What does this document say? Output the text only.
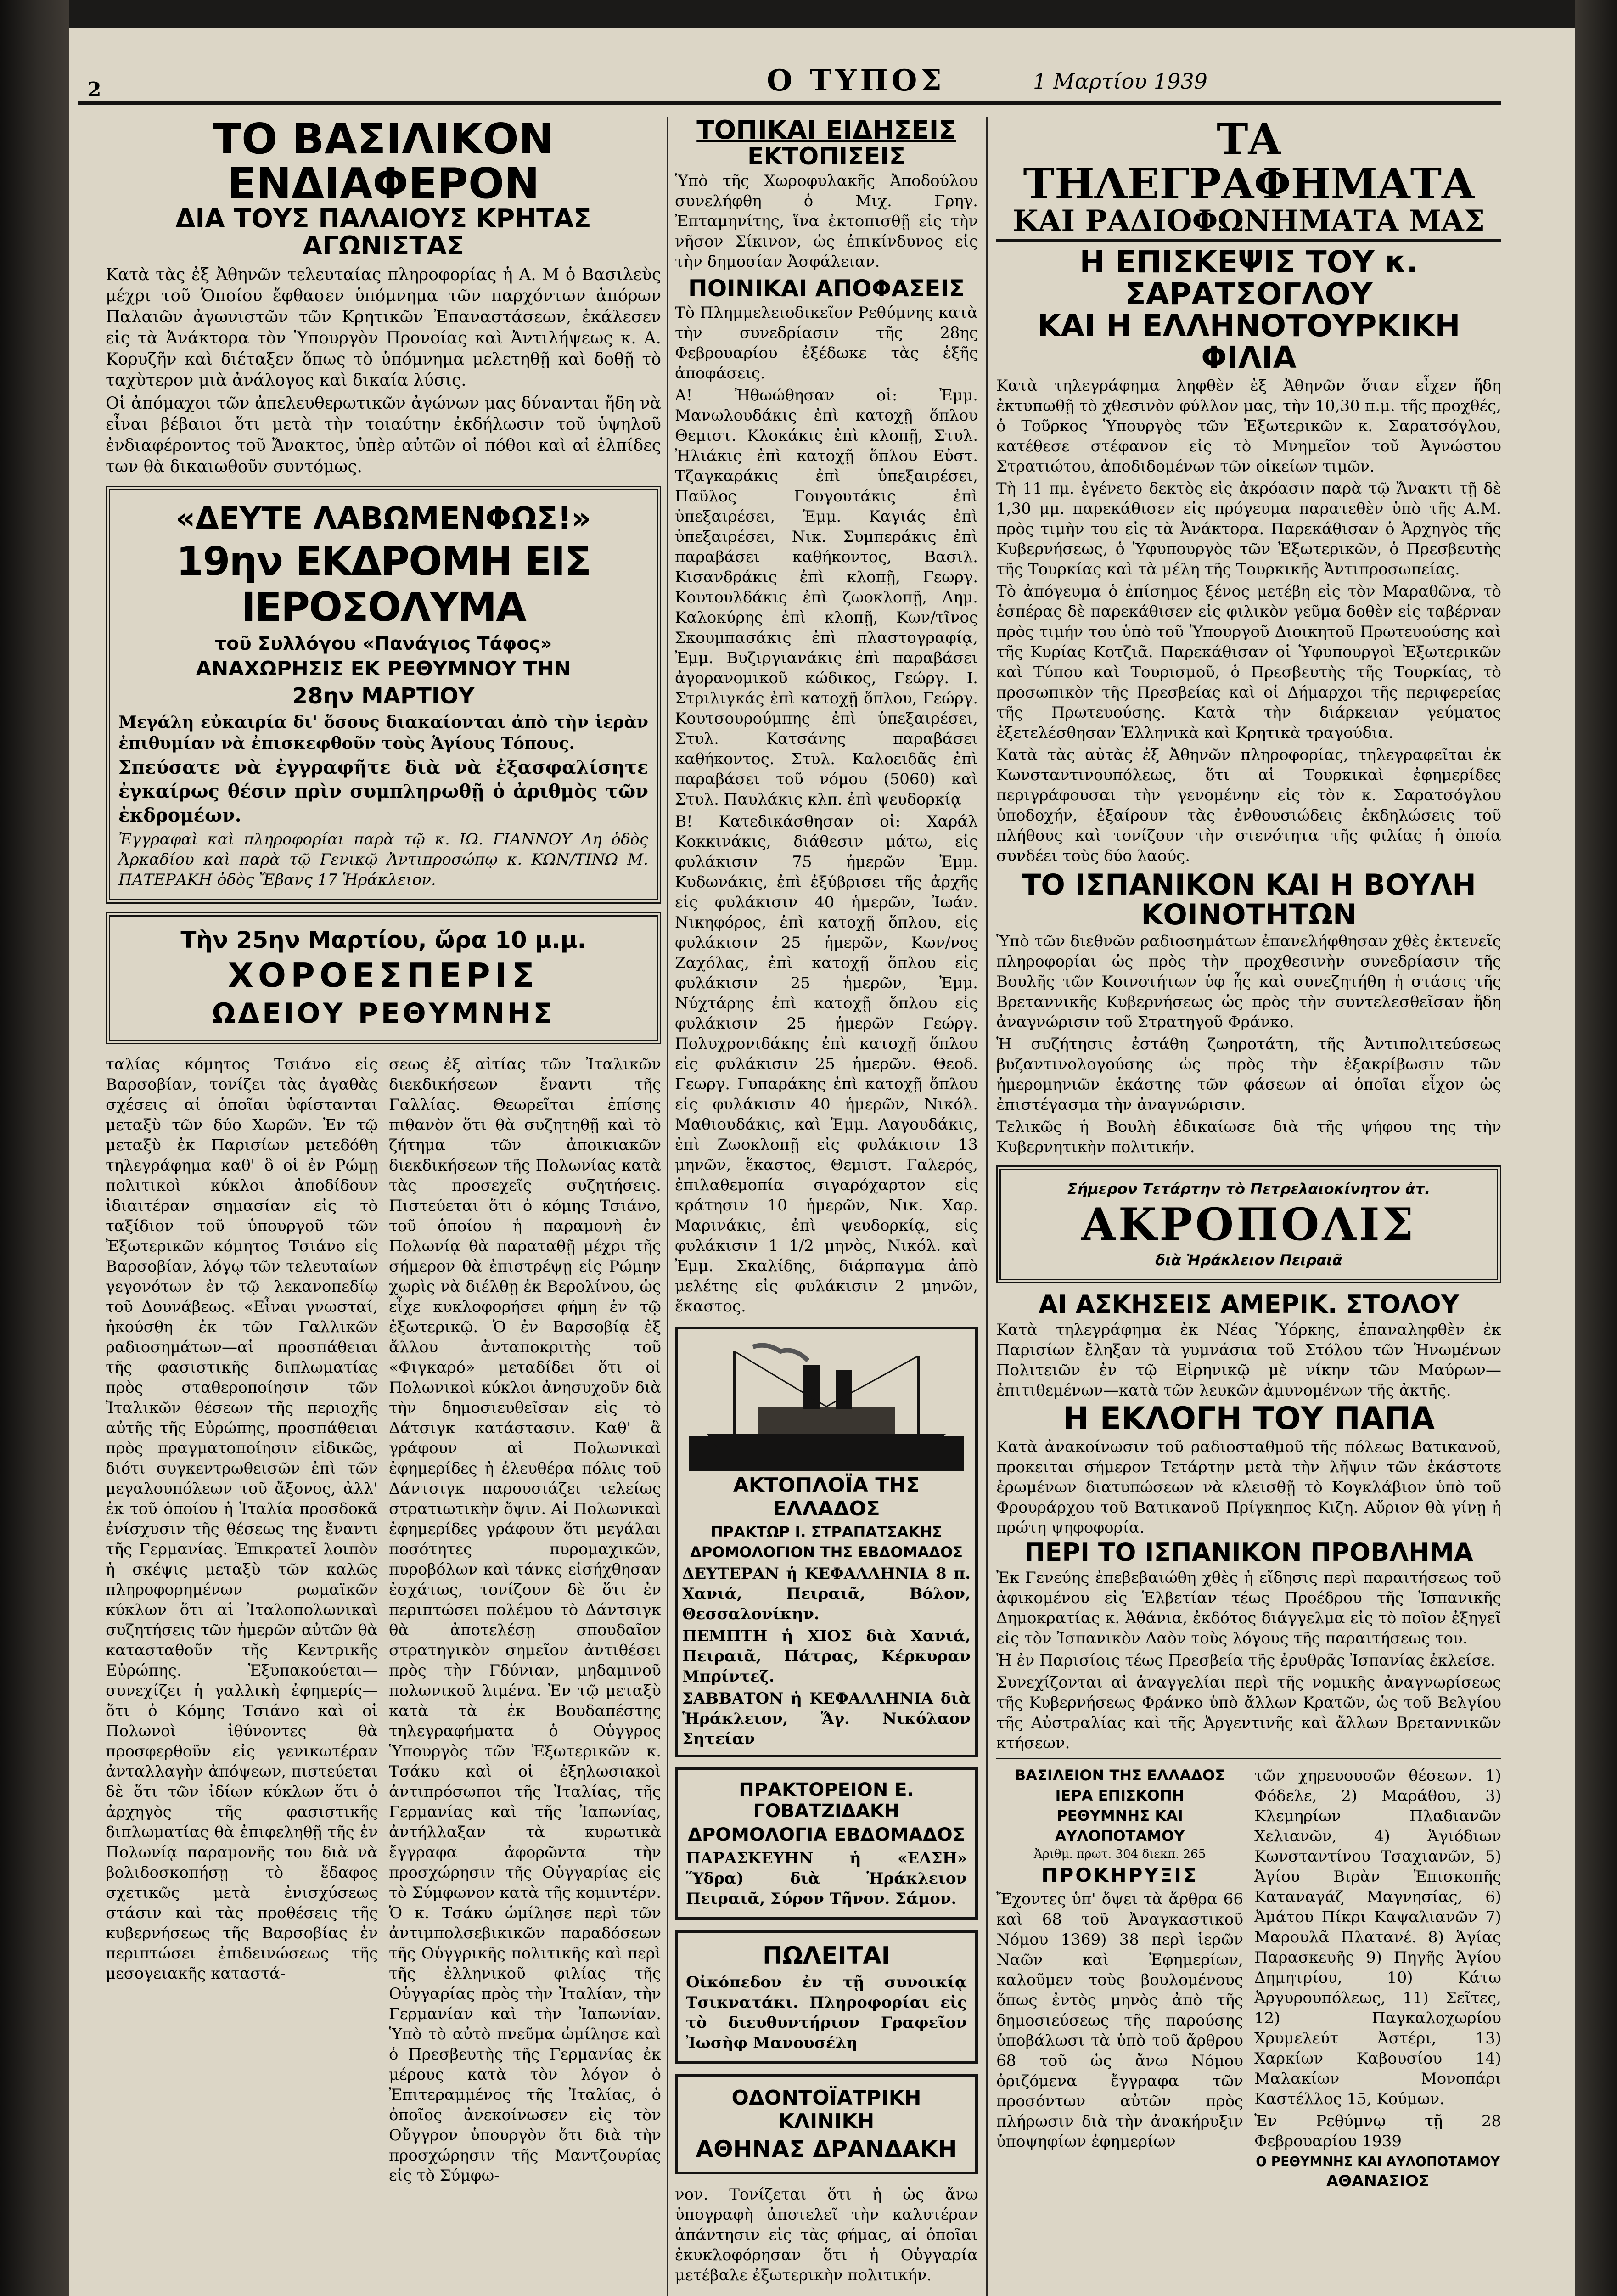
2	Ο ΤΥΠΟΣ	1 Μαρτίου 1939
ΤΟ ΒΑΣΙΛΙΚΟΝ ΕΝΔΙΑΦΕΡΟΝ
ΔΙΑ ΤΟΥΣ ΠΑΛΑΙΟΥΣ ΚΡΗΤΑΣ ΑΓΩΝΙΣΤΑΣ

Κατὰ τὰς ἐξ Ἀθηνῶν τελευταίας πληροφορίας ἡ Α. Μ ὁ Βασιλεὺς μέχρι τοῦ Ὁποίου ἔφθασεν ὑπόμνημα τῶν παρχόντων ἀπόρων Παλαιῶν ἀγωνιστῶν τῶν Κρητικῶν Ἐπαναστάσεων, ἐκάλεσεν εἰς τὰ Ἀνάκτορα τὸν Ὑπουργὸν Προνοίας καὶ Ἀντιλήψεως κ. Α. Κορυζῆν καὶ διέταξεν ὅπως τὸ ὑπόμνημα μελετηθῇ καὶ δοθῇ τὸ ταχὺτερον μιὰ ἀνάλογος καὶ δικαία λύσις.

Οἱ ἀπόμαχοι τῶν ἀπελευθερωτικῶν ἀγώνων μας δύνανται ἤδη νὰ εἶναι βέβαιοι ὅτι μετὰ τὴν τοιαύτην ἐκδήλωσιν τοῦ ὑψηλοῦ ἐνδιαφέροντος τοῦ Ἄνακτος, ὑπὲρ αὐτῶν οἱ πόθοι καὶ αἱ ἐλπίδες των θὰ δικαιωθοῦν συντόμως.

«ΔΕΥΤΕ ΛΑΒΩΜΕΝΦΩΣ!»
19ην ΕΚΔΡΟΜΗ ΕΙΣ ΙΕΡΟΣΟΛΥΜΑ
τοῦ Συλλόγου «Πανάγιος Τάφος»
ΑΝΑΧΩΡΗΣΙΣ ΕΚ ΡΕΘΥΜΝΟΥ ΤΗΝ
28ην ΜΑΡΤΙΟΥ

Μεγάλη εὐκαιρία δι' ὅσους διακαίονται ἀπὸ τὴν ἱερὰν ἐπιθυμίαν νὰ ἐπισκεφθοῦν τοὺς Ἁγίους Τόπους.

Σπεύσατε νὰ ἐγγραφῆτε διὰ νὰ ἐξασφαλίσητε ἐγκαίρως θέσιν πρὶν συμπληρωθῇ ὁ ἀριθμὸς τῶν ἐκδρομέων.

Ἐγγραφαὶ καὶ πληροφορίαι παρὰ τῷ κ. ΙΩ. ΓΙΑΝΝΟΥ Λη ὁδὸς Ἀρκαδίου καὶ παρὰ τῷ Γενικῷ Ἀντιπροσώπῳ κ. ΚΩΝ/ΤΙΝΩ Μ. ΠΑΤΕΡΑΚΗ ὁδὸς Ἔβανς 17 Ἡράκλειον.

Τὴν 25ην Μαρτίου, ὥρα 10 μ.μ.
ΧΟΡΟΕΣΠΕΡΙΣ
ΩΔΕΙΟΥ ΡΕΘΥΜΝΗΣ

ταλίας κόμητος Τσιάνο εἰς Βαρσοβίαν, τονίζει τὰς ἀγαθὰς σχέσεις αἱ ὁποῖαι ὑφίστανται μεταξὺ τῶν δύο Χωρῶν. Ἐν τῷ μεταξὺ ἐκ Παρισίων μετεδόθη τηλεγράφημα καθ' ὃ οἱ ἐν Ρώμῃ πολιτικοὶ κύκλοι ἀποδίδουν ἰδιαιτέραν σημασίαν εἰς τὸ ταξίδιον τοῦ ὑπουργοῦ τῶν Ἐξωτερικῶν κόμητος Τσιάνο εἰς Βαρσοβίαν, λόγῳ τῶν τελευταίων γεγονότων ἐν τῷ λεκανοπεδίῳ τοῦ Δουνάβεως. «Εἶναι γνωσταί, ἠκούσθη ἐκ τῶν Γαλλικῶν ραδιοσημάτων—αἱ προσπάθειαι τῆς φασιστικῆς διπλωματίας πρὸς σταθεροποίησιν τῶν Ἰταλικῶν θέσεων τῆς περιοχῆς αὐτῆς τῆς Εὐρώπης, προσπάθειαι πρὸς πραγματοποίησιν εἰδικῶς, διότι συγκεντρωθεισῶν ἐπὶ τῶν μεγαλουπόλεων τοῦ ἄξονος, ἀλλ' ἐκ τοῦ ὁποίου ἡ Ἰταλία προσδοκᾶ ἐνίσχυσιν τῆς θέσεως της ἔναντι τῆς Γερμανίας. Ἐπικρατεῖ λοιπὸν ἡ σκέψις μεταξὺ τῶν καλῶς πληροφορημένων ρωμαϊκῶν κύκλων ὅτι αἱ Ἰταλοπολωνικαὶ συζητήσεις τῶν ἡμερῶν αὐτῶν θὰ κατασταθοῦν τῆς Κεντρικῆς Εὐρώπης. Ἐξυπακούεται—συνεχίζει ἡ γαλλικὴ ἐφημερίς—ὅτι ὁ Κόμης Τσιάνο καὶ οἱ Πολωνοὶ ἰθύνοντες θὰ προσφερθοῦν εἰς γενικωτέραν ἀνταλλαγὴν ἀπόψεων, πιστεύεται δὲ ὅτι τῶν ἰδίων κύκλων ὅτι ὁ ἀρχηγὸς τῆς φασιστικῆς διπλωματίας θὰ ἐπιφεληθῇ τῆς ἐν Πολωνίᾳ παραμονῆς του διὰ νὰ βολιδοσκοπήσῃ τὸ ἔδαφος σχετικῶς μετὰ ἐνισχύσεως στάσιν καὶ τὰς προθέσεις τῆς κυβερνήσεως τῆς Βαρσοβίας ἐν περιπτώσει ἐπιδεινώσεως τῆς μεσογειακῆς καταστά-

σεως ἐξ αἰτίας τῶν Ἰταλικῶν διεκδικήσεων ἔναντι τῆς Γαλλίας. Θεωρεῖται ἐπίσης πιθανὸν ὅτι θὰ συζητηθῇ καὶ τὸ ζήτημα τῶν ἀποικιακῶν διεκδικήσεων τῆς Πολωνίας κατὰ τὰς προσεχεῖς συζητήσεις. Πιστεύεται ὅτι ὁ κόμης Τσιάνο, τοῦ ὁποίου ἡ παραμονὴ ἐν Πολωνίᾳ θὰ παραταθῇ μέχρι τῆς σήμερον θὰ ἐπιστρέψῃ εἰς Ρώμην χωρὶς νὰ διέλθῃ ἐκ Βερολίνου, ὡς εἶχε κυκλοφορήσει φήμη ἐν τῷ ἐξωτερικῷ. Ὁ ἐν Βαρσοβίᾳ ἐξ ἄλλου ἀνταποκριτὴς τοῦ «Φιγκαρό» μεταδίδει ὅτι οἱ Πολωνικοὶ κύκλοι ἀνησυχοῦν διὰ τὴν δημοσιευθεῖσαν εἰς τὸ Δάτσιγκ κατάστασιν. Καθ' ἃ γράφουν αἱ Πολωνικαὶ ἐφημερίδες ἡ ἐλευθέρα πόλις τοῦ Δάντσιγκ παρουσιάζει τελείως στρατιωτικὴν ὄψιν. Αἱ Πολωνικαὶ ἐφημερίδες γράφουν ὅτι μεγάλαι ποσότητες πυρομαχικῶν, πυροβόλων καὶ τάνκς εἰσήχθησαν ἐσχάτως, τονίζουν δὲ ὅτι ἐν περιπτώσει πολέμου τὸ Δάντσιγκ θὰ ἀποτελέσῃ σπουδαῖον στρατηγικὸν σημεῖον ἀντιθέσει πρὸς τὴν Γδύνιαν, μηδαμινοῦ πολωνικοῦ λιμένα. Ἐν τῷ μεταξὺ κατὰ τὰ ἐκ Βουδαπέστης τηλεγραφήματα ὁ Οὑγγρος Ὑπουργὸς τῶν Ἐξωτερικῶν κ. Τσάκυ καὶ οἱ ἐξηλωσιακοὶ ἀντιπρόσωποι τῆς Ἰταλίας, τῆς Γερμανίας καὶ τῆς Ἰαπωνίας, ἀντήλλαξαν τὰ κυρωτικὰ ἔγγραφα ἀφορῶντα τὴν προσχώρησιν τῆς Οὑγγαρίας εἰς τὸ Σύμφωνον κατὰ τῆς κομιντέρν. Ὁ κ. Τσάκυ ὡμίλησε περὶ τῶν ἀντιμπολσεβικικῶν παραδόσεων τῆς Οὑγγρικῆς πολιτικῆς καὶ περὶ τῆς ἐλληνικοῦ φιλίας τῆς Οὑγγαρίας πρὸς τὴν Ἰταλίαν, τὴν Γερμανίαν καὶ τὴν Ἰαπωνίαν. Ὑπὸ τὸ αὐτὸ πνεῦμα ὡμίλησε καὶ ὁ Πρεσβευτὴς τῆς Γερμανίας ἐκ μέρους κατὰ τὸν λόγον ὁ Ἐπιτεραμμένος τῆς Ἰταλίας, ὁ ὁποῖος ἀνεκοίνωσεν εἰς τὸν Οὔγγρον ὑπουργὸν ὅτι διὰ τὴν προσχώρησιν τῆς Μαντζουρίας εἰς τὸ Σύμφω-

ΤΟΠΙΚΑΙ ΕΙΔΗΣΕΙΣ
ΕΚΤΟΠΙΣΕΙΣ

Ὑπὸ τῆς Χωροφυλακῆς Ἀποδούλου συνελήφθη ὁ Μιχ. Γρηγ. Ἐπταμηνίτης, ἵνα ἐκτοπισθῇ εἰς τὴν νῆσον Σίκινον, ὡς ἐπικίνδυνος εἰς τὴν δημοσίαν Ἀσφάλειαν.

ΠΟΙΝΙΚΑΙ ΑΠΟΦΑΣΕΙΣ

Τὸ Πλημμελειοδικεῖον Ρεθύμνης κατὰ τὴν συνεδρίασιν τῆς 28ης Φεβρουαρίου ἐξέδωκε τὰς ἑξῆς ἀποφάσεις.

Α! Ἠθωώθησαν οἱ: Ἐμμ. Μανωλουδάκις ἐπὶ κατοχῇ ὅπλου Θεμιστ. Κλοκάκις ἐπὶ κλοπῇ, Στυλ. Ἠλιάκις ἐπὶ κατοχῇ ὅπλου Εὐστ. Τζαγκαράκις ἐπὶ ὑπεξαιρέσει, Παῦλος Γουγουτάκις ἐπὶ ὑπεξαιρέσει, Ἐμμ. Καγιάς ἐπὶ ὑπεξαιρέσει, Νικ. Συμπεράκις ἐπὶ παραβάσει καθήκοντος, Βασιλ. Κισανδράκις ἐπὶ κλοπῇ, Γεωργ. Κουτουλδάκις ἐπὶ ζωοκλοπῇ, Δημ. Καλοκύρης ἐπὶ κλοπῇ, Κων/τῖνος Σκουμπασάκις ἐπὶ πλαστογραφίᾳ, Ἐμμ. Βυζιργιανάκις ἐπὶ παραβάσει ἀγορανομικοῦ κώδικος, Γεώργ. Ι. Στριλιγκάς ἐπὶ κατοχῇ ὅπλου, Γεώργ. Κουτσουρούμπης ἐπὶ ὑπεξαιρέσει, Στυλ. Κατσάνης παραβάσει καθήκοντος. Στυλ. Καλοειδᾶς ἐπὶ παραβάσει τοῦ νόμου (5060) καὶ Στυλ. Παυλάκις κλπ. ἐπὶ ψευδορκίᾳ

Β! Κατεδικάσθησαν οἱ: Χαράλ Κοκκινάκις, διάθεσιν μάτω, εἰς φυλάκισιν 75 ἡμερῶν Ἐμμ. Κυδωνάκις, ἐπὶ ἐξύβρισει τῆς ἀρχῆς εἰς φυλάκισιν 40 ἡμερῶν, Ἰωάν. Νικηφόρος, ἐπὶ κατοχῇ ὅπλου, εἰς φυλάκισιν 25 ἡμερῶν, Κων/νος Ζαχόλας, ἐπὶ κατοχῇ ὅπλου εἰς φυλάκισιν 25 ἡμερῶν, Ἐμμ. Νύχτάρης ἐπὶ κατοχῇ ὅπλου εἰς φυλάκισιν 25 ἡμερῶν Γεώργ. Πολυχρονιδάκης ἐπὶ κατοχῇ ὅπλου εἰς φυλάκισιν 25 ἡμερῶν. Θεοδ. Γεωργ. Γυπαράκης ἐπὶ κατοχῇ ὅπλου εἰς φυλάκισιν 40 ἡμερῶν, Νικόλ. Μαθιουδάκις, καὶ Ἐμμ. Λαγουδάκις, ἐπὶ Ζωοκλοπῇ εἰς φυλάκισιν 13 μηνῶν, ἕκαστος, Θεμιστ. Γαλερός, ἐπιλαθεμοπία σιγαρόχαρτον εἰς κράτησιν 10 ἡμερῶν, Νικ. Χαρ. Μαρινάκις, ἐπὶ ψευδορκίᾳ, εἰς φυλάκισιν 1 1/2 μηνὸς, Νικόλ. καὶ Ἐμμ. Σκαλίδης, διάρπαγμα ἀπὸ μελέτης εἰς φυλάκισιν 2 μηνῶν, ἕκαστος.

ΑΚΤΟΠΛΟΪΑ ΤΗΣ ΕΛΛΑΔΟΣ
ΠΡΑΚΤΩΡ Ι. ΣΤΡΑΠΑΤΣΑΚΗΣ
ΔΡΟΜΟΛΟΓΙΟΝ ΤΗΣ ΕΒΔΟΜΑΔΟΣ

ΔΕΥΤΕΡΑΝ ἡ ΚΕΦΑΛΛΗΝΙΑ 8 π. Χανιά, Πειραιᾶ, Βόλον, Θεσσαλονίκην.

ΠΕΜΠΤΗ ἡ ΧΙΟΣ διὰ Χανιά, Πειραιᾶ, Πάτρας, Κέρκυραν Μπρίντεζ.

ΣΑΒΒΑΤΟΝ ἡ ΚΕΦΑΛΛΗΝΙΑ διὰ Ἡράκλειον, Ἅγ. Νικόλαον Σητείαν

ΠΡΑΚΤΟΡΕΙΟΝ Ε. ΓΟΒΑΤΖΙΔΑΚΗ
ΔΡΟΜΟΛΟΓΙΑ ΕΒΔΟΜΑΔΟΣ

ΠΑΡΑΣΚΕΥΗΝ ἡ «ΕΛΣΗ» Ὕδρα) διὰ Ἡράκλειον Πειραιᾶ, Σύρον Τῆνον. Σάμον.

ΠΩΛΕΙΤΑΙ

Οἰκόπεδον ἐν τῇ συνοικίᾳ Τσικνατάκι. Πληροφορίαι εἰς τὸ διευθυντήριον Γραφεῖον Ἰωσὴφ Μανουσέλη

ΟΔΟΝΤΟΪΑΤΡΙΚΗ ΚΛΙΝΙΚΗ
ΑΘΗΝΑΣ ΔΡΑΝΔΑΚΗ

νον. Τονίζεται ὅτι ἡ ὡς ἄνω ὑπογραφὴ ἀποτελεῖ τὴν καλυτέραν ἀπάντησιν εἰς τὰς φήμας, αἱ ὁποῖαι ἐκυκλοφόρησαν ὅτι ἡ Οὑγγαρία μετέβαλε ἐξωτερικὴν πολιτικήν.

ΤΑ ΤΗΛΕΓΡΑΦΗΜΑΤΑ
ΚΑΙ ΡΑΔΙΟΦΩΝΗΜΑΤΑ ΜΑΣ
Η ΕΠΙΣΚΕΨΙΣ ΤΟΥ κ. ΣΑΡΑΤΣΟΓΛΟΥ
ΚΑΙ Η ΕΛΛΗΝΟΤΟΥΡΚΙΚΗ ΦΙΛΙΑ

Κατὰ τηλεγράφημα ληφθὲν ἐξ Ἀθηνῶν ὅταν εἶχεν ἤδη ἐκτυπωθῇ τὸ χθεσινὸν φύλλον μας, τὴν 10,30 π.μ. τῆς προχθές, ὁ Τοῦρκος Ὑπουργὸς τῶν Ἐξωτερικῶν κ. Σαρατσόγλου, κατέθεσε στέφανον εἰς τὸ Μνημεῖον τοῦ Ἀγνώστου Στρατιώτου, ἀποδιδομένων τῶν οἰκείων τιμῶν.

Τὴ 11 πμ. ἐγένετο δεκτὸς εἰς ἀκρόασιν παρὰ τῷ Ἄνακτι τῇ δὲ 1,30 μμ. παρεκάθισεν εἰς πρόγευμα παρατεθὲν ὑπὸ τῆς Α.Μ. πρὸς τιμὴν του εἰς τὰ Ἀνάκτορα. Παρεκάθισαν ὁ Ἀρχηγὸς τῆς Κυβερνήσεως, ὁ Ὑφυπουργὸς τῶν Ἐξωτερικῶν, ὁ Πρεσβευτὴς τῆς Τουρκίας καὶ τὰ μέλη τῆς Τουρκικῆς Ἀντιπροσωπείας.

Τὸ ἀπόγευμα ὁ ἐπίσημος ξένος μετέβη εἰς τὸν Μαραθῶνα, τὸ ἑσπέρας δὲ παρεκάθισεν εἰς φιλικὸν γεῦμα δοθὲν εἰς ταβέρναν πρὸς τιμήν του ὑπὸ τοῦ Ὑπουργοῦ Διοικητοῦ Πρωτευούσης καὶ τῆς Κυρίας Κοτζιᾶ. Παρεκάθισαν οἱ Ὑφυπουργοὶ Ἐξωτερικῶν καὶ Τύπου καὶ Τουρισμοῦ, ὁ Πρεσβευτὴς τῆς Τουρκίας, τὸ προσωπικὸν τῆς Πρεσβείας καὶ οἱ Δήμαρχοι τῆς περιφερείας τῆς Πρωτευούσης. Κατὰ τὴν διάρκειαν γεύματος ἐξετελέσθησαν Ἑλληνικὰ καὶ Κρητικὰ τραγούδια.

Κατὰ τὰς αὐτὰς ἐξ Ἀθηνῶν πληροφορίας, τηλεγραφεῖται ἐκ Κωνσταντινουπόλεως, ὅτι αἱ Τουρκικαὶ ἐφημερίδες περιγράφουσαι τὴν γενομένην εἰς τὸν κ. Σαρατσόγλου ὑποδοχήν, ἐξαίρουν τὰς ἐνθουσιώδεις ἐκδηλώσεις τοῦ πλήθους καὶ τονίζουν τὴν στενότητα τῆς φιλίας ἡ ὁποία συνδέει τοὺς δύο λαούς.

ΤΟ ΙΣΠΑΝΙΚΟΝ ΚΑΙ Η ΒΟΥΛΗ ΚΟΙΝΟΤΗΤΩΝ

Ὑπὸ τῶν διεθνῶν ραδιοσημάτων ἐπανελήφθησαν χθὲς ἐκτενεῖς πληροφορίαι ὡς πρὸς τὴν προχθεσινὴν συνεδρίασιν τῆς Βουλῆς τῶν Κοινοτήτων ὑφ ἧς καὶ συνεζητήθη ἡ στάσις τῆς Βρεταννικῆς Κυβερνήσεως ὡς πρὸς τὴν συντελεσθεῖσαν ἤδη ἀναγνώρισιν τοῦ Στρατηγοῦ Φράνκο.

Ἡ συζήτησις ἐστάθη ζωηροτάτη, τῆς Ἀντιπολιτεύσεως βυζαντινολογούσης ὡς πρὸς τὴν ἐξακρίβωσιν τῶν ἡμερομηνιῶν ἑκάστης τῶν φάσεων αἱ ὁποῖαι εἶχον ὡς ἐπιστέγασμα τὴν ἀναγνώρισιν.

Τελικῶς ἡ Βουλὴ ἐδικαίωσε διὰ τῆς ψήφου της τὴν Κυβερνητικὴν πολιτικήν.

Σήμερον Τετάρτην τὸ Πετρελαιοκίνητον ἀτ.
ΑΚΡΟΠΟΛΙΣ
διὰ Ἡράκλειον Πειραιᾶ
ΑΙ ΑΣΚΗΣΕΙΣ ΑΜΕΡΙΚ. ΣΤΟΛΟΥ

Κατὰ τηλεγράφημα ἐκ Νέας Ὑόρκης, ἐπαναληφθὲν ἐκ Παρισίων ἔληξαν τὰ γυμνάσια τοῦ Στόλου τῶν Ἡνωμένων Πολιτειῶν ἐν τῷ Εἰρηνικῷ μὲ νίκην τῶν Μαύρων—ἐπιτιθεμένων—κατὰ τῶν λευκῶν ἀμυνομένων τῆς ἀκτῆς.

Η ΕΚΛΟΓΗ ΤΟΥ ΠΑΠΑ

Κατὰ ἀνακοίνωσιν τοῦ ραδιοσταθμοῦ τῆς πόλεως Βατικανοῦ, προκειται σήμερον Τετάρτην μετὰ τὴν λῆψιν τῶν ἑκάστοτε ἐρωμένων διατυπώσεων νὰ κλεισθῇ τὸ Κογκλάβιον ὑπὸ τοῦ Φρουράρχου τοῦ Βατικανοῦ Πρίγκηπος Κιζη. Αὔριον θὰ γίνῃ ἡ πρώτη ψηφοφορία.

ΠΕΡΙ ΤΟ ΙΣΠΑΝΙΚΟΝ ΠΡΟΒΛΗΜΑ

Ἐκ Γενεύης ἐπεβεβαιώθη χθὲς ἡ εἴδησις περὶ παραιτήσεως τοῦ ἀφικομένου εἰς Ἑλβετίαν τέως Προέδρου τῆς Ἰσπανικῆς Δημοκρατίας κ. Ἀθάνια, ἐκδότος διάγγελμα εἰς τὸ ποῖον ἐξηγεῖ εἰς τὸν Ἰσπανικὸν Λαὸν τοὺς λόγους τῆς παραιτήσεως του.

Ἡ ἐν Παρισίοις τέως Πρεσβεία τῆς ἐρυθρᾶς Ἰσπανίας ἐκλείσε.

Συνεχίζονται αἱ ἀναγγελίαι περὶ τῆς νομικῆς ἀναγνωρίσεως τῆς Κυβερνήσεως Φράνκο ὑπὸ ἄλλων Κρατῶν, ὡς τοῦ Βελγίου τῆς Αὐστραλίας καὶ τῆς Ἀργεντινῆς καὶ ἄλλων Βρεταννικῶν κτήσεων.

ΒΑΣΙΛΕΙΟΝ ΤΗΣ ΕΛΛΑΔΟΣ
ΙΕΡΑ ΕΠΙΣΚΟΠΗ
ΡΕΘΥΜΝΗΣ ΚΑΙ
ΑΥΛΟΠΟΤΑΜΟΥ
Ἀριθμ. πρωτ. 304 διεκπ. 265
ΠΡΟΚΗΡΥΞΙΣ

Ἔχοντες ὑπ' ὄψει τὰ ἄρθρα 66 καὶ 68 τοῦ Ἀναγκαστικοῦ Νόμου 1369) 38 περὶ ἱερῶν Ναῶν καὶ Ἐφημερίων, καλοῦμεν τοὺς βουλομένους ὅπως ἐντὸς μηνὸς ἀπὸ τῆς δημοσιεύσεως τῆς παρούσης ὑποβάλωσι τὰ ὑπὸ τοῦ ἄρθρου 68 τοῦ ὡς ἄνω Νόμου ὁριζόμενα ἔγγραφα τῶν προσόντων αὐτῶν πρὸς πλήρωσιν διὰ τὴν ἀνακήρυξιν ὑποψηφίων ἐφημερίων

τῶν χηρευουσῶν θέσεων. 1) Φόδελε, 2) Μαράθου, 3) Κλεμηρίων Πλαδιανῶν Χελιανῶν, 4) Ἁγιόδιων Κωνσταντίνου Τσαχιανῶν, 5) Ἁγίου Βιρὰν Ἐπισκοπῆς Καταναγάζ Μαγνησίας, 6) Ἀμάτου Πίκρι Καψαλιανῶν 7) Μαρουλᾶ Πλατανέ. 8) Ἁγίας Παρασκευῆς 9) Πηγῆς Ἁγίου Δημητρίου, 10) Κάτω Ἀργυρουπόλεως, 11) Σεῖτες, 12) Παγκαλοχωρίου Χρυμελεύτ Ἀστέρι, 13) Χαρκίων Καβουσίου 14) Μαλακίων Μονοπάρι Καστέλλος 15, Κούμων.

Ἐν Ρεθύμνῳ τῇ 28 Φεβρουαρίου 1939

Ο ΡΕΘΥΜΝΗΣ ΚΑΙ ΑΥΛΟΠΟΤΑΜΟΥ
ΑΘΑΝΑΣΙΟΣ
